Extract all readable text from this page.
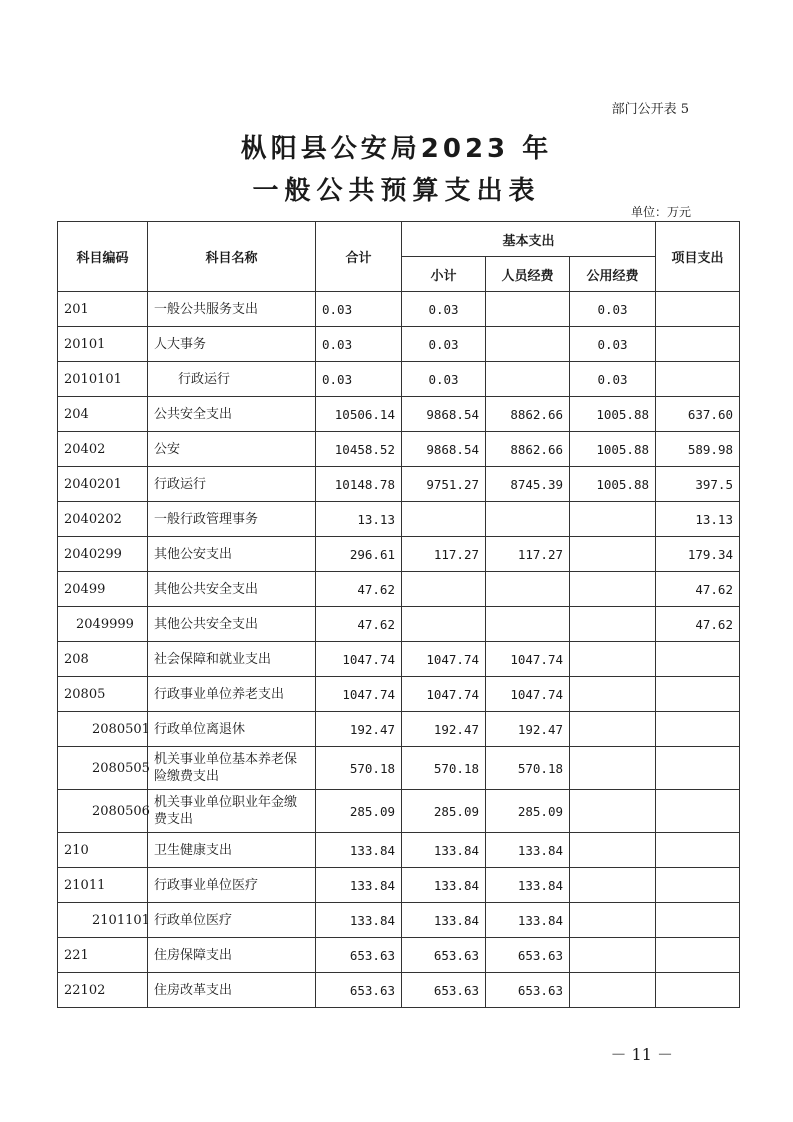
部门公开表 5
枞阳县公安局2023 年
一般公共预算支出表
单位：万元
科目编码	科目名称	合计	基本支出			项目支出
			小计	人员经费	公用经费	
201	一般公共服务支出	0.03	0.03		0.03	
20101	人大事务	0.03	0.03		0.03	
2010101	行政运行	0.03	0.03		0.03	
204	公共安全支出	10506.14	9868.54	8862.66	1005.88	637.60
20402	公安	10458.52	9868.54	8862.66	1005.88	589.98
2040201	行政运行	10148.78	9751.27	8745.39	1005.88	397.5
2040202	一般行政管理事务	13.13				13.13
2040299	其他公安支出	296.61	117.27	117.27		179.34
20499	其他公共安全支出	47.62				47.62
2049999	其他公共安全支出	47.62				47.62
208	社会保障和就业支出	1047.74	1047.74	1047.74		
20805	行政事业单位养老支出	1047.74	1047.74	1047.74		
2080501	行政单位离退休	192.47	192.47	192.47		
2080505	机关事业单位基本养老保险缴费支出	570.18	570.18	570.18		
2080506	机关事业单位职业年金缴费支出	285.09	285.09	285.09		
210	卫生健康支出	133.84	133.84	133.84		
21011	行政事业单位医疗	133.84	133.84	133.84		
2101101	行政单位医疗	133.84	133.84	133.84		
221	住房保障支出	653.63	653.63	653.63		
22102	住房改革支出	653.63	653.63	653.63		
－ 11 －
